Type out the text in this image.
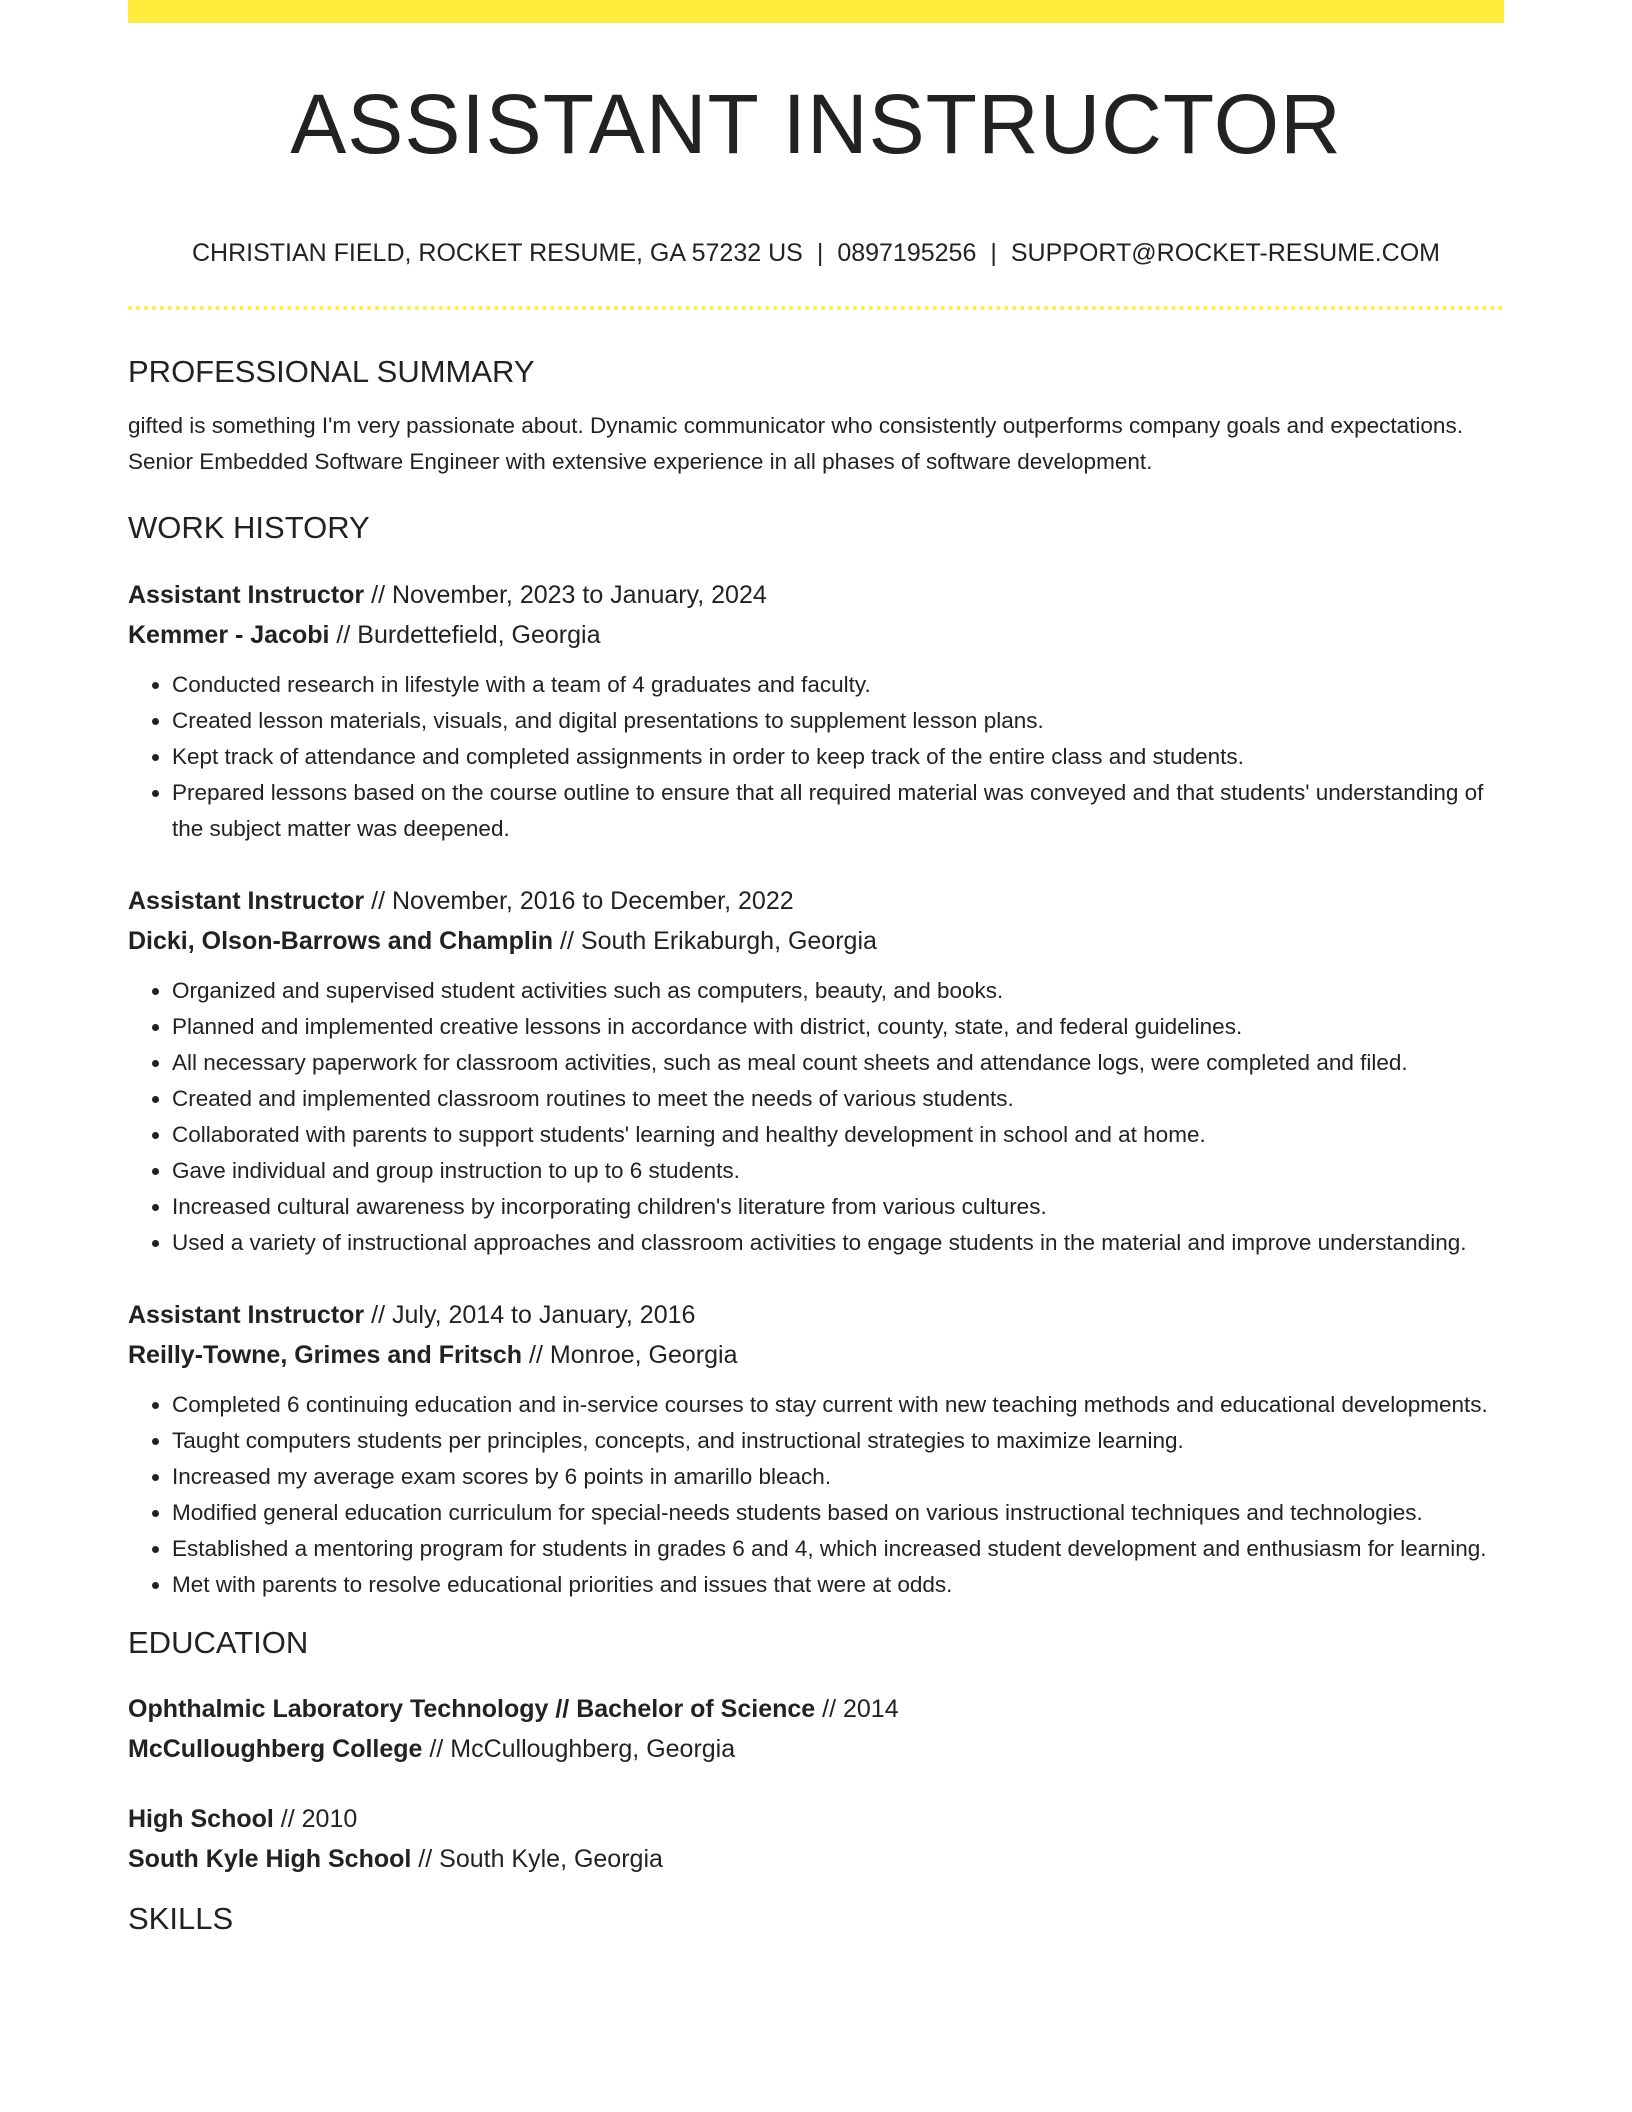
ASSISTANT INSTRUCTOR
CHRISTIAN FIELD, ROCKET RESUME, GA 57232 US | 0897195256 | SUPPORT@ROCKET-RESUME.COM
PROFESSIONAL SUMMARY

gifted is something I'm very passionate about. Dynamic communicator who consistently outperforms company goals and expectations. Senior Embedded Software Engineer with extensive experience in all phases of software development.

WORK HISTORY
Assistant Instructor // November, 2023 to January, 2024
Kemmer - Jacobi // Burdettefield, Georgia
• Conducted research in lifestyle with a team of 4 graduates and faculty.
• Created lesson materials, visuals, and digital presentations to supplement lesson plans.
• Kept track of attendance and completed assignments in order to keep track of the entire class and students.
• Prepared lessons based on the course outline to ensure that all required material was conveyed and that students' understanding of the subject matter was deepened.
Assistant Instructor // November, 2016 to December, 2022
Dicki, Olson-Barrows and Champlin // South Erikaburgh, Georgia
• Organized and supervised student activities such as computers, beauty, and books.
• Planned and implemented creative lessons in accordance with district, county, state, and federal guidelines.
• All necessary paperwork for classroom activities, such as meal count sheets and attendance logs, were completed and filed.
• Created and implemented classroom routines to meet the needs of various students.
• Collaborated with parents to support students' learning and healthy development in school and at home.
• Gave individual and group instruction to up to 6 students.
• Increased cultural awareness by incorporating children's literature from various cultures.
• Used a variety of instructional approaches and classroom activities to engage students in the material and improve understanding.
Assistant Instructor // July, 2014 to January, 2016
Reilly-Towne, Grimes and Fritsch // Monroe, Georgia
• Completed 6 continuing education and in-service courses to stay current with new teaching methods and educational developments.
• Taught computers students per principles, concepts, and instructional strategies to maximize learning.
• Increased my average exam scores by 6 points in amarillo bleach.
• Modified general education curriculum for special-needs students based on various instructional techniques and technologies.
• Established a mentoring program for students in grades 6 and 4, which increased student development and enthusiasm for learning.
• Met with parents to resolve educational priorities and issues that were at odds.
EDUCATION
Ophthalmic Laboratory Technology // Bachelor of Science // 2014
McCulloughberg College // McCulloughberg, Georgia
High School // 2010
South Kyle High School // South Kyle, Georgia
SKILLS
